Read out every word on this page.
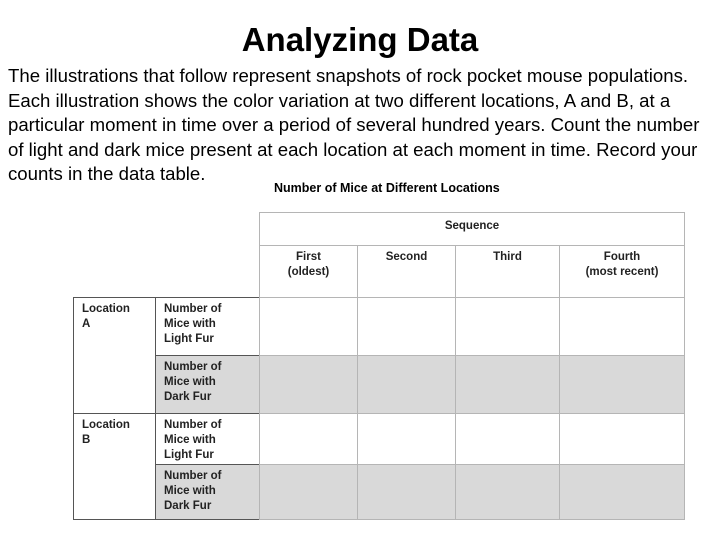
Analyzing Data

The illustrations that follow represent snapshots of rock pocket mouse populations. Each illustration shows the color variation at two different locations, A and B, at a particular moment in time over a period of several hundred years. Count the number of light and dark mice present at each location at each moment in time. Record your counts in the data table.

Number of Mice at Different Locations
Sequence
First
(oldest)
Second	Third	Fourth
(most recent)
Location
A
Location
B
Number of
Mice with
Light Fur
Number of
Mice with
Dark Fur
Number of
Mice with
Light Fur
Number of
Mice with
Dark Fur
